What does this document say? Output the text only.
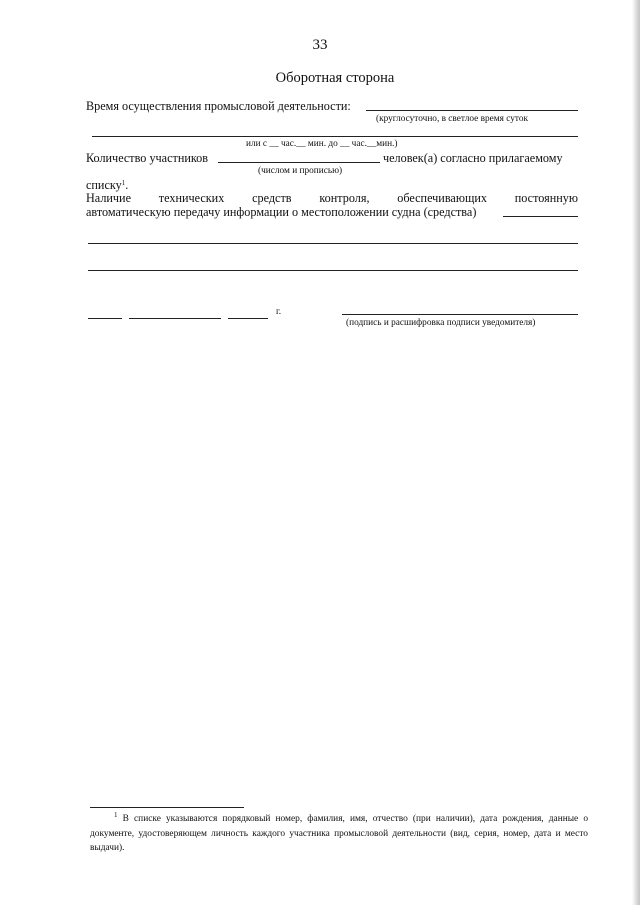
33
Оборотная сторона
Время осуществления промысловой деятельности:
(круглосуточно, в светлое время суток
или с __ час.__ мин. до __ час.__мин.)
Количество участников	человек(а) согласно прилагаемому
(числом и прописью)
списку$^1$.
Наличие технических средств контроля, обеспечивающих постоянную
автоматическую передачу информации о местоположении судна (средства)
г.
(подпись и расшифровка подписи уведомителя)
$^1$ В списке указываются порядковый номер, фамилия, имя, отчество (при наличии), дата рождения, данные о документе, удостоверяющем личность каждого участника промысловой деятельности (вид, серия, номер, дата и место выдачи).
